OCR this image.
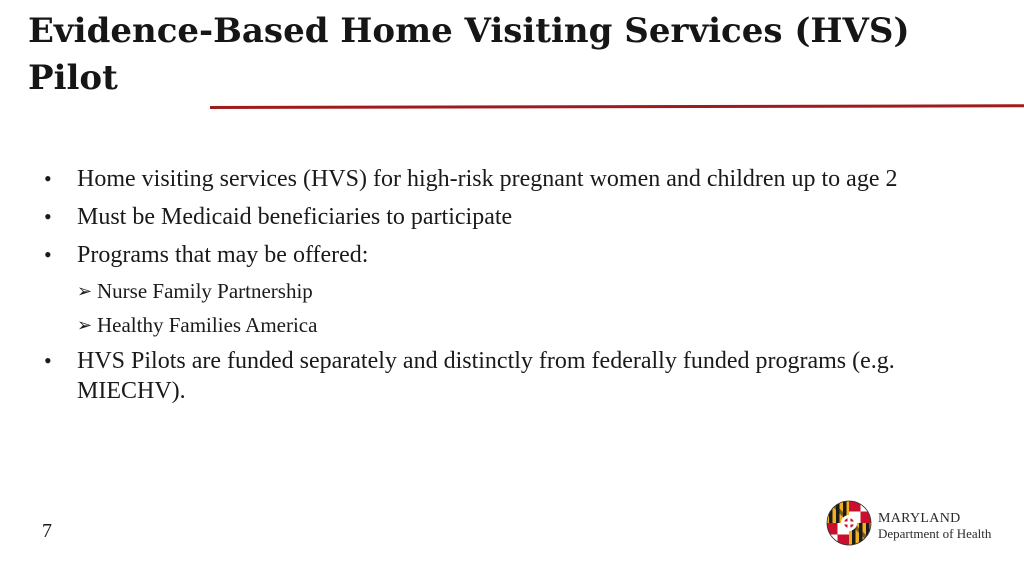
Evidence-Based Home Visiting Services (HVS) Pilot
• Home visiting services (HVS) for high-risk pregnant women and children up to age 2
• Must be Medicaid beneficiaries to participate
• Programs that may be offered:
➢ Nurse Family Partnership
➢ Healthy Families America
• HVS Pilots are funded separately and distinctly from federally funded programs (e.g. MIECHV).
7
MARYLAND
Department of Health
